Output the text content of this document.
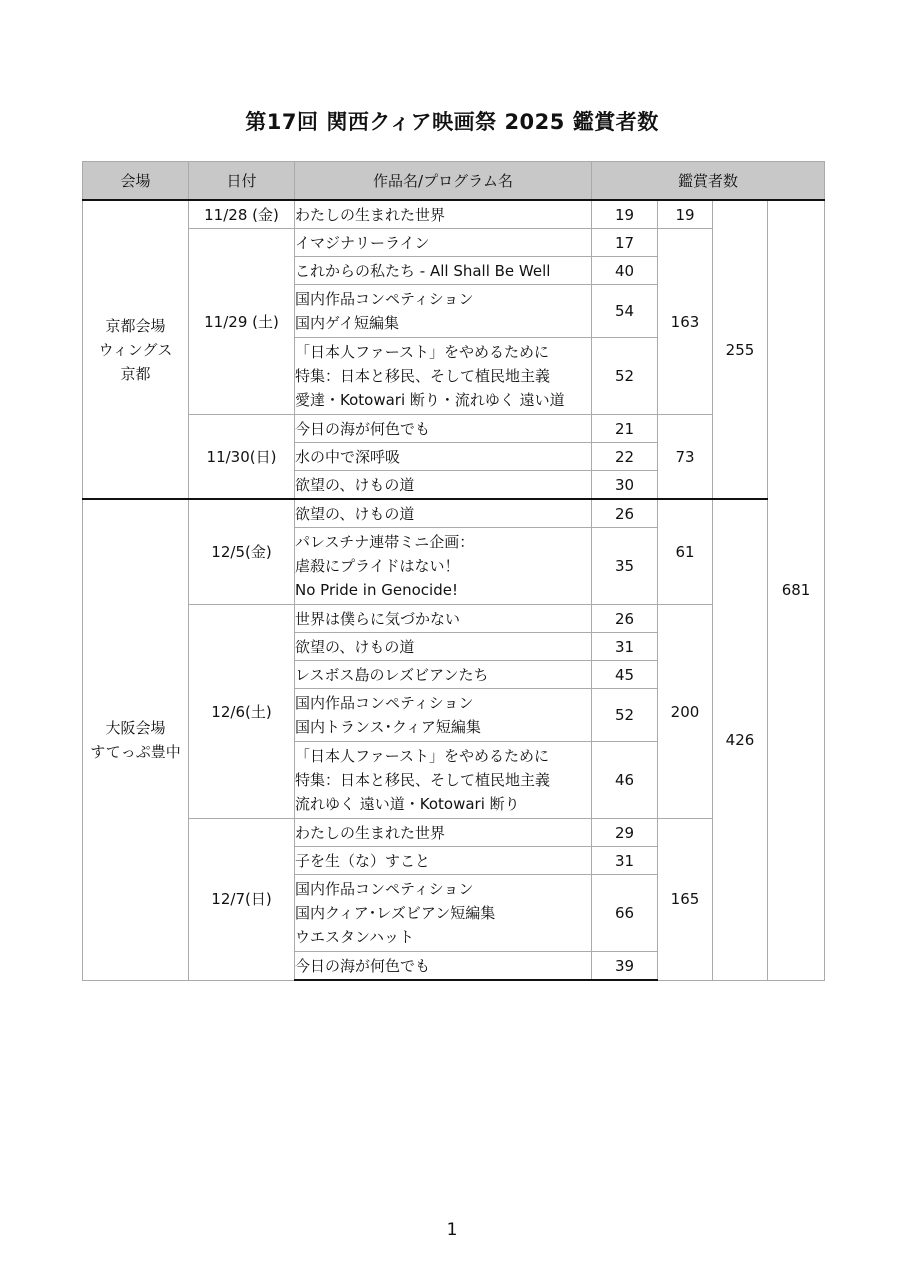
第17回 関西クィア映画祭 2025 鑑賞者数
会場	日付	作品名/プログラム名	鑑賞者数			

京都会場
ウィングス
京都	11/28 (金)	わたしの生まれた世界	19	19	255	681
	11/29 (土)	イマジナリーライン	17	163		

		これからの私たち - All Shall Be Well	40			

		国内作品コンペティション
国内ゲイ短編集	54			

		「日本人ファースト」をやめるために
特集：日本と移民、そして植民地主義
愛達・Kotowari 断り・流れゆく 遠い道	52			
	11/30(日)	今日の海が何色でも	21	73		

		水の中で深呼吸	22			

		欲望の、けもの道	30			

大阪会場
すてっぷ豊中	12/5(金)	欲望の、けもの道	26	61	426	

		パレスチナ連帯ミニ企画：
虐殺にプライドはない！
No Pride in Genocide!	35			
	12/6(土)	世界は僕らに気づかない	26	200		

		欲望の、けもの道	31			

		レスボス島のレズビアンたち	45			

		国内作品コンペティション
国内トランス･クィア短編集	52			

		「日本人ファースト」をやめるために
特集：日本と移民、そして植民地主義
流れゆく 遠い道・Kotowari 断り	46			
	12/7(日)	わたしの生まれた世界	29	165		

		子を生（な）すこと	31			

		国内作品コンペティション
国内クィア･レズビアン短編集
ウエスタンハット	66			

		今日の海が何色でも	39			
1
